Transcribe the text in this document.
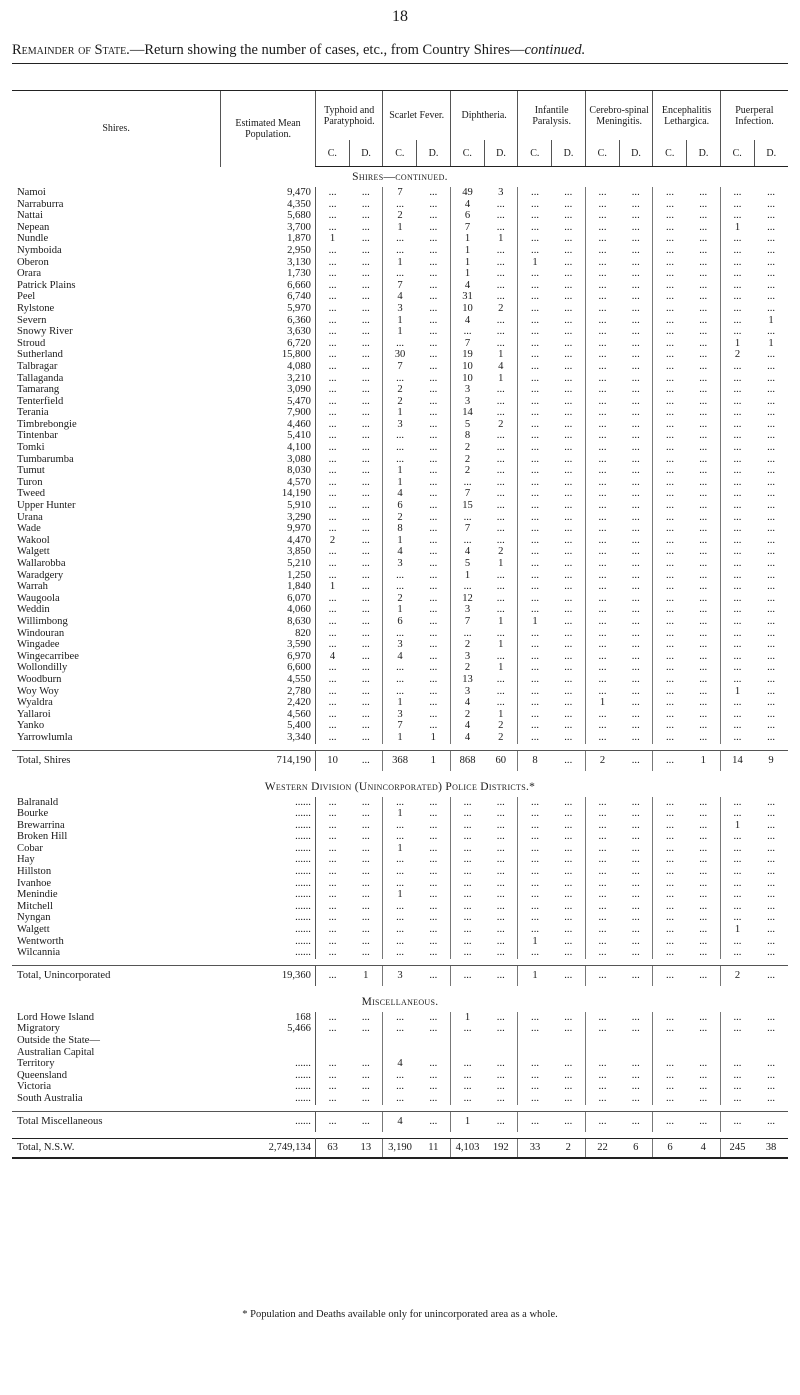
18
Remainder of State.—Return showing the number of cases, etc., from Country Shires—continued.
Shires.	Estimated Mean Population.	Typhoid and Paratyphoid.		Scarlet Fever.		Diphtheria.		Infantile Paralysis.		Cerebro-spinal Meningitis.		Encephalitis Lethargica.		Puerperal Infection.	
		C.	D.	C.	D.	C.	D.	C.	D.	C.	D.	C.	D.	C.	D.
Shires—continued.															
Namoi	9,470	...	...	7	...	49	3	...	...	...	...	...	...	...	...
Narraburra	4,350	...	...	...	...	4	...	...	...	...	...	...	...	...	...
Nattai	5,680	...	...	2	...	6	...	...	...	...	...	...	...	...	...
Nepean	3,700	...	...	1	...	7	...	...	...	...	...	...	...	1	...
Nundle	1,870	1	...	...	...	1	1	...	...	...	...	...	...	...	...
Nymboida	2,950	...	...	...	...	1	...	...	...	...	...	...	...	...	...
Oberon	3,130	...	...	1	...	1	...	1	...	...	...	...	...	...	...
Orara	1,730	...	...	...	...	1	...	...	...	...	...	...	...	...	...
Patrick Plains	6,660	...	...	7	...	4	...	...	...	...	...	...	...	...	...
Peel	6,740	...	...	4	...	31	...	...	...	...	...	...	...	...	...
Rylstone	5,970	...	...	3	...	10	2	...	...	...	...	...	...	...	...
Severn	6,360	...	...	1	...	4	...	...	...	...	...	...	...	...	1
Snowy River	3,630	...	...	1	...	...	...	...	...	...	...	...	...	...	...
Stroud	6,720	...	...	...	...	7	...	...	...	...	...	...	...	1	1
Sutherland	15,800	...	...	30	...	19	1	...	...	...	...	...	...	2	...
Talbragar	4,080	...	...	7	...	10	4	...	...	...	...	...	...	...	...
Tallaganda	3,210	...	...	...	...	10	1	...	...	...	...	...	...	...	...
Tamarang	3,090	...	...	2	...	3	...	...	...	...	...	...	...	...	...
Tenterfield	5,470	...	...	2	...	3	...	...	...	...	...	...	...	...	...
Terania	7,900	...	...	1	...	14	...	...	...	...	...	...	...	...	...
Timbrebongie	4,460	...	...	3	...	5	2	...	...	...	...	...	...	...	...
Tintenbar	5,410	...	...	...	...	8	...	...	...	...	...	...	...	...	...
Tomki	4,100	...	...	...	...	2	...	...	...	...	...	...	...	...	...
Tumbarumba	3,080	...	...	...	...	2	...	...	...	...	...	...	...	...	...
Tumut	8,030	...	...	1	...	2	...	...	...	...	...	...	...	...	...
Turon	4,570	...	...	1	...	...	...	...	...	...	...	...	...	...	...
Tweed	14,190	...	...	4	...	7	...	...	...	...	...	...	...	...	...
Upper Hunter	5,910	...	...	6	...	15	...	...	...	...	...	...	...	...	...
Urana	3,290	...	...	2	...	...	...	...	...	...	...	...	...	...	...
Wade	9,970	...	...	8	...	7	...	...	...	...	...	...	...	...	...
Wakool	4,470	2	...	1	...	...	...	...	...	...	...	...	...	...	...
Walgett	3,850	...	...	4	...	4	2	...	...	...	...	...	...	...	...
Wallarobba	5,210	...	...	3	...	5	1	...	...	...	...	...	...	...	...
Waradgery	1,250	...	...	...	...	1	...	...	...	...	...	...	...	...	...
Warrah	1,840	1	...	...	...	...	...	...	...	...	...	...	...	...	...
Waugoola	6,070	...	...	2	...	12	...	...	...	...	...	...	...	...	...
Weddin	4,060	...	...	1	...	3	...	...	...	...	...	...	...	...	...
Willimbong	8,630	...	...	6	...	7	1	1	...	...	...	...	...	...	...
Windouran	820	...	...	...	...	...	...	...	...	...	...	...	...	...	...
Wingadee	3,590	...	...	3	...	2	1	...	...	...	...	...	...	...	...
Wingecarribee	6,970	4	...	4	...	3	...	...	...	...	...	...	...	...	...
Wollondilly	6,600	...	...	...	...	2	1	...	...	...	...	...	...	...	...
Woodburn	4,550	...	...	...	...	13	...	...	...	...	...	...	...	...	...
Woy Woy	2,780	...	...	...	...	3	...	...	...	...	...	...	...	1	...
Wyaldra	2,420	...	...	1	...	4	...	...	...	1	...	...	...	...	...
Yallaroi	4,560	...	...	3	...	2	1	...	...	...	...	...	...	...	...
Yanko	5,400	...	...	7	...	4	2	...	...	...	...	...	...	...	...
Yarrowlumla	3,340	...	...	1	1	4	2	...	...	...	...	...	...	...	...

Total, Shires	714,190	10	...	368	1	868	60	8	...	2	...	...	1	14	9

Western Division (Unincorporated) Police Districts.*															
Balranald	......	...	...	...	...	...	...	...	...	...	...	...	...	...	...
Bourke	......	...	...	1	...	...	...	...	...	...	...	...	...	...	...
Brewarrina	......	...	...	...	...	...	...	...	...	...	...	...	...	1	...
Broken Hill	......	...	...	...	...	...	...	...	...	...	...	...	...	...	...
Cobar	......	...	...	1	...	...	...	...	...	...	...	...	...	...	...
Hay	......	...	...	...	...	...	...	...	...	...	...	...	...	...	...
Hillston	......	...	...	...	...	...	...	...	...	...	...	...	...	...	...
Ivanhoe	......	...	...	...	...	...	...	...	...	...	...	...	...	...	...
Menindie	......	...	...	1	...	...	...	...	...	...	...	...	...	...	...
Mitchell	......	...	...	...	...	...	...	...	...	...	...	...	...	...	...
Nyngan	......	...	...	...	...	...	...	...	...	...	...	...	...	...	...
Walgett	......	...	...	...	...	...	...	...	...	...	...	...	...	1	...
Wentworth	......	...	...	...	...	...	...	1	...	...	...	...	...	...	...
Wilcannia	......	...	...	...	...	...	...	...	...	...	...	...	...	...	...

Total, Unincorporated	19,360	...	1	3	...	...	...	1	...	...	...	...	...	2	...

Miscellaneous.															
Lord Howe Island	168	...	...	...	...	1	...	...	...	...	...	...	...	...	...
Migratory	5,466	...	...	...	...	...	...	...	...	...	...	...	...	...	...
Outside the State—															
Australian Capital															
Territory	......	...	...	4	...	...	...	...	...	...	...	...	...	...	...
Queensland	......	...	...	...	...	...	...	...	...	...	...	...	...	...	...
Victoria	......	...	...	...	...	...	...	...	...	...	...	...	...	...	...
South Australia	......	...	...	...	...	...	...	...	...	...	...	...	...	...	...

Total Miscellaneous	......	...	...	4	...	1	...	...	...	...	...	...	...	...	...

Total, N.S.W.	2,749,134	63	13	3,190	11	4,103	192	33	2	22	6	6	4	245	38
* Population and Deaths available only for unincorporated area as a whole.
